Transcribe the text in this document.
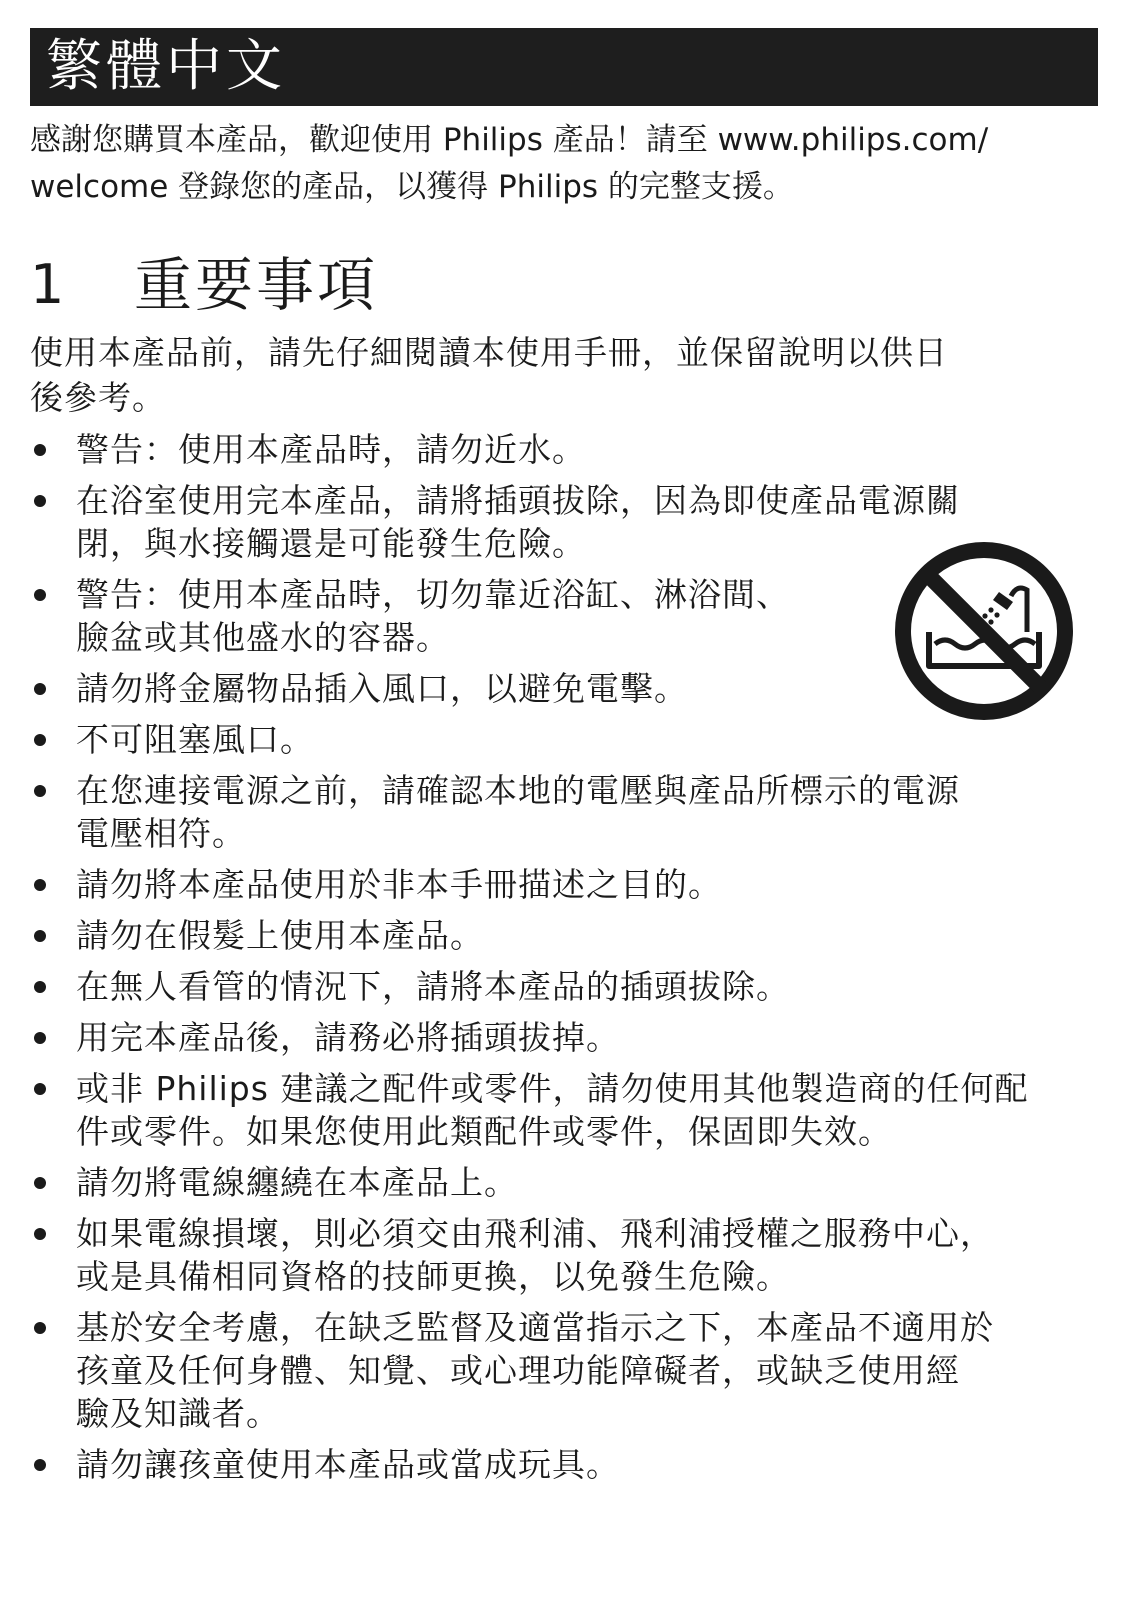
繁體中文

感謝您購買本產品，歡迎使用 Philips 產品！請至 www.philips.com/
welcome 登錄您的產品，以獲得 Philips 的完整支援。

1	重要事項

使用本產品前，請先仔細閱讀本使用手冊，並保留說明以供日
後參考。

警告：使用本產品時，請勿近水。
在浴室使用完本產品，請將插頭拔除，因為即使產品電源關
閉，與水接觸還是可能發生危險。
警告：使用本產品時，切勿靠近浴缸、淋浴間、
臉盆或其他盛水的容器。
請勿將金屬物品插入風口，以避免電擊。
不可阻塞風口。
在您連接電源之前，請確認本地的電壓與產品所標示的電源
電壓相符。
請勿將本產品使用於非本手冊描述之目的。
請勿在假髮上使用本產品。
在無人看管的情況下，請將本產品的插頭拔除。
用完本產品後，請務必將插頭拔掉。
或非 Philips 建議之配件或零件，請勿使用其他製造商的任何配
件或零件。如果您使用此類配件或零件，保固即失效。
請勿將電線纏繞在本產品上。
如果電線損壞，則必須交由飛利浦、飛利浦授權之服務中心，
或是具備相同資格的技師更換，以免發生危險。
基於安全考慮，在缺乏監督及適當指示之下，本產品不適用於
孩童及任何身體、知覺、或心理功能障礙者，或缺乏使用經
驗及知識者。
請勿讓孩童使用本產品或當成玩具。
